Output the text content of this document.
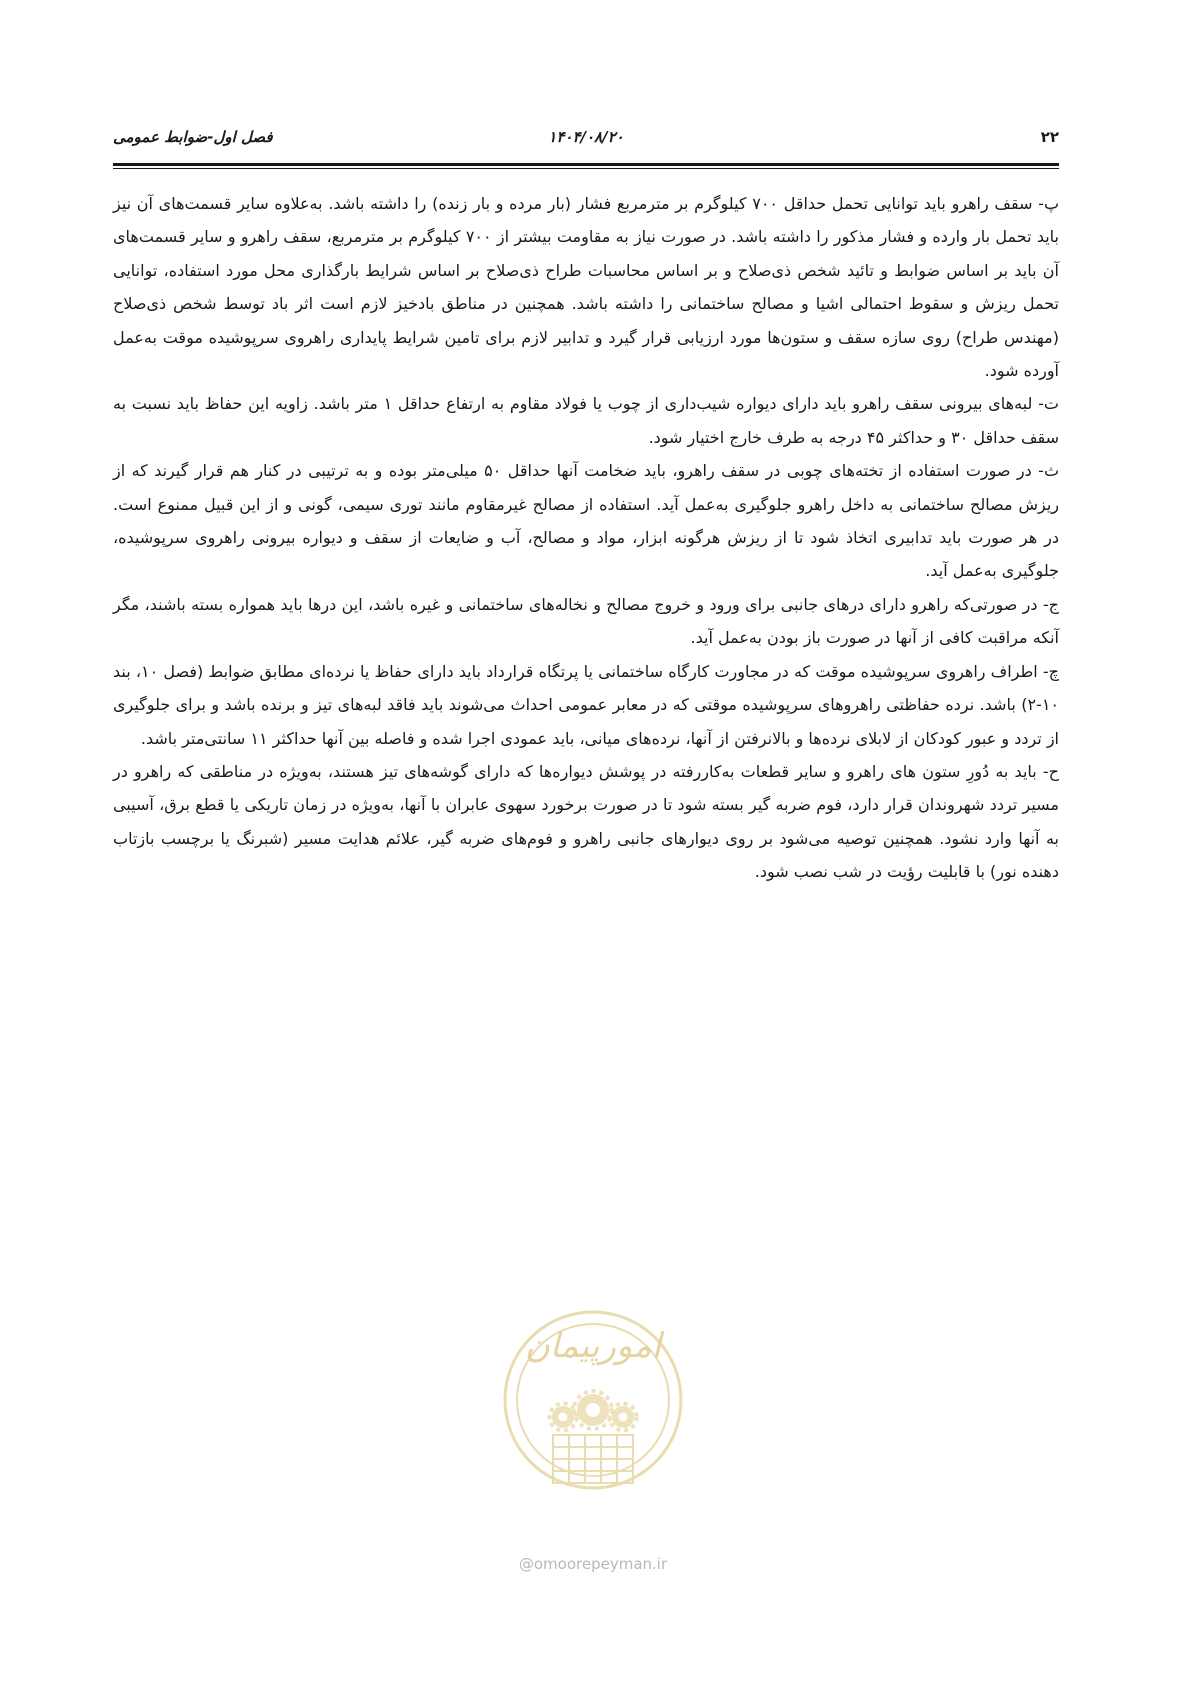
۲۲
۱۴۰۴/۰۸/۲۰
فصل اول-ضوابط عمومی

پ- سقف راهرو باید توانایی تحمل حداقل ۷۰۰ کیلوگرم بر مترمربع فشار (بار مرده و بار زنده) را داشته باشد. به‌علاوه سایر قسمت‌های آن نیز باید تحمل بار وارده و فشار مذکور را داشته باشد. در صورت نیاز به مقاومت بیشتر از ۷۰۰ کیلوگرم بر مترمربع، سقف راهرو و سایر قسمت‌های آن باید بر اساس ضوابط و تائید شخص ذی‌صلاح و بر اساس محاسبات طراح ذی‌صلاح بر اساس شرایط بارگذاری محل مورد استفاده، توانایی تحمل ریزش و سقوط احتمالی اشیا و مصالح ساختمانی را داشته باشد. همچنین در مناطق بادخیز لازم است اثر باد توسط شخص ذی‌صلاح (مهندس طراح) روی سازه سقف و ستون‌ها مورد ارزیابی قرار گیرد و تدابیر لازم برای تامین شرایط پایداری راهروی سرپوشیده موقت به‌عمل آورده شود.

ت- لبه‌های بیرونی سقف راهرو باید دارای دیواره شیب‌داری از چوب یا فولاد مقاوم به ارتفاع حداقل ۱ متر باشد. زاویه این حفاظ باید نسبت به سقف حداقل ۳۰ و حداکثر ۴۵ درجه به طرف خارج اختیار شود.

ث- در صورت استفاده از تخته‌های چوبی در سقف راهرو، باید ضخامت آنها حداقل ۵۰ میلی‌متر بوده و به ترتیبی در کنار هم قرار گیرند که از ریزش مصالح ساختمانی به داخل راهرو جلوگیری به‌عمل آید. استفاده از مصالح غیرمقاوم مانند توری سیمی، گونی و از این قبیل ممنوع است. در هر صورت باید تدابیری اتخاذ شود تا از ریزش هرگونه ابزار، مواد و مصالح، آب و ضایعات از سقف و دیواره بیرونی راهروی سرپوشیده، جلوگیری به‌عمل آید.

ج- در صورتی‌که راهرو دارای درهای جانبی برای ورود و خروج مصالح و نخاله‌های ساختمانی و غیره باشد، این درها باید همواره بسته باشند، مگر آنکه مراقبت کافی از آنها در صورت باز بودن به‌عمل آید.

چ- اطراف راهروی سرپوشیده موقت که در مجاورت کارگاه ساختمانی یا پرتگاه قرارداد باید دارای حفاظ یا نرده‌ای مطابق ضوابط (فصل ۱۰، بند ۱۰-۲) باشد. نرده حفاظتی راهروهای سرپوشیده موقتی که در معابر عمومی احداث می‌شوند باید فاقد لبه‌های تیز و برنده باشد و برای جلوگیری از تردد و عبور کودکان از لابلای نرده‌ها و بالانرفتن از آنها، نرده‌های میانی، باید عمودی اجرا شده و فاصله بین آنها حداکثر ۱۱ سانتی‌متر باشد.

ح- باید به دُورِ ستون های راهرو و سایر قطعات به‌کاررفته در پوشش دیواره‌ها که دارای گوشه‌های تیز هستند، به‌ویژه در مناطقی که راهرو در مسیر تردد شهروندان قرار دارد، فوم ضربه گیر بسته شود تا در صورت برخورد سهوی عابران با آنها، به‌ویژه در زمان تاریکی یا قطع برق، آسیبی به آنها وارد نشود. همچنین توصیه می‌شود بر روی دیوارهای جانبی راهرو و فوم‌های ضربه گیر، علائم هدایت مسیر (شبرنگ یا برچسب بازتاب دهنده نور) با قابلیت رؤیت در شب نصب شود.

امورپیمان
@omoorepeyman.ir
